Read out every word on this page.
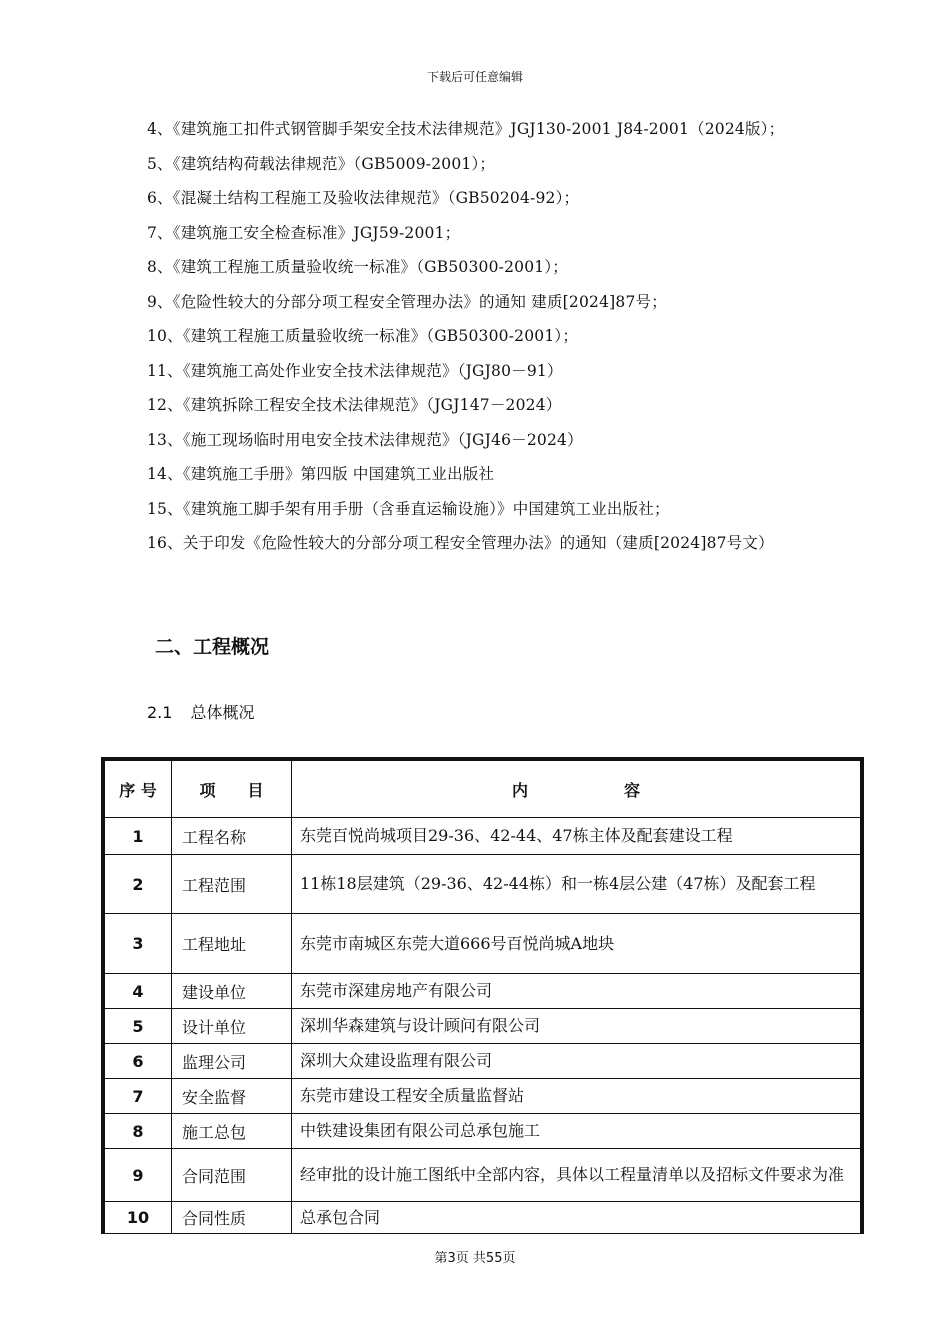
下载后可任意编辑
4、《建筑施工扣件式钢管脚手架安全技术法律规范》JGJ130-2001 J84-2001（2024版）；
5、《建筑结构荷载法律规范》（GB5009-2001）；
6、《混凝土结构工程施工及验收法律规范》（GB50204-92）；
7、《建筑施工安全检查标准》JGJ59-2001；
8、《建筑工程施工质量验收统一标准》（GB50300-2001）；
9、《危险性较大的分部分项工程安全管理办法》的通知 建质[2024]87号；
10、《建筑工程施工质量验收统一标准》（GB50300-2001）；
11、《建筑施工高处作业安全技术法律规范》（JGJ80－91）
12、《建筑拆除工程安全技术法律规范》（JGJ147－2024）
13、《施工现场临时用电安全技术法律规范》（JGJ46－2024）
14、《建筑施工手册》第四版 中国建筑工业出版社
15、《建筑施工脚手架有用手册（含垂直运输设施）》中国建筑工业出版社；
16、关于印发《危险性较大的分部分项工程安全管理办法》的通知（建质[2024]87号文）
二、工程概况
2.1 总体概况
序 号	项　　目	内　　　　　　容
1	工程名称	东莞百悦尚城项目29-36、42-44、47栋主体及配套建设工程
2	工程范围	11栋18层建筑（29-36、42-44栋）和一栋4层公建（47栋）及配套工程
3	工程地址	东莞市南城区东莞大道666号百悦尚城A地块
4	建设单位	东莞市深建房地产有限公司
5	设计单位	深圳华森建筑与设计顾问有限公司
6	监理公司	深圳大众建设监理有限公司
7	安全监督	东莞市建设工程安全质量监督站
8	施工总包	中铁建设集团有限公司总承包施工
9	合同范围	经审批的设计施工图纸中全部内容，具体以工程量清单以及招标文件要求为准
10	合同性质	总承包合同
第3页 共55页
